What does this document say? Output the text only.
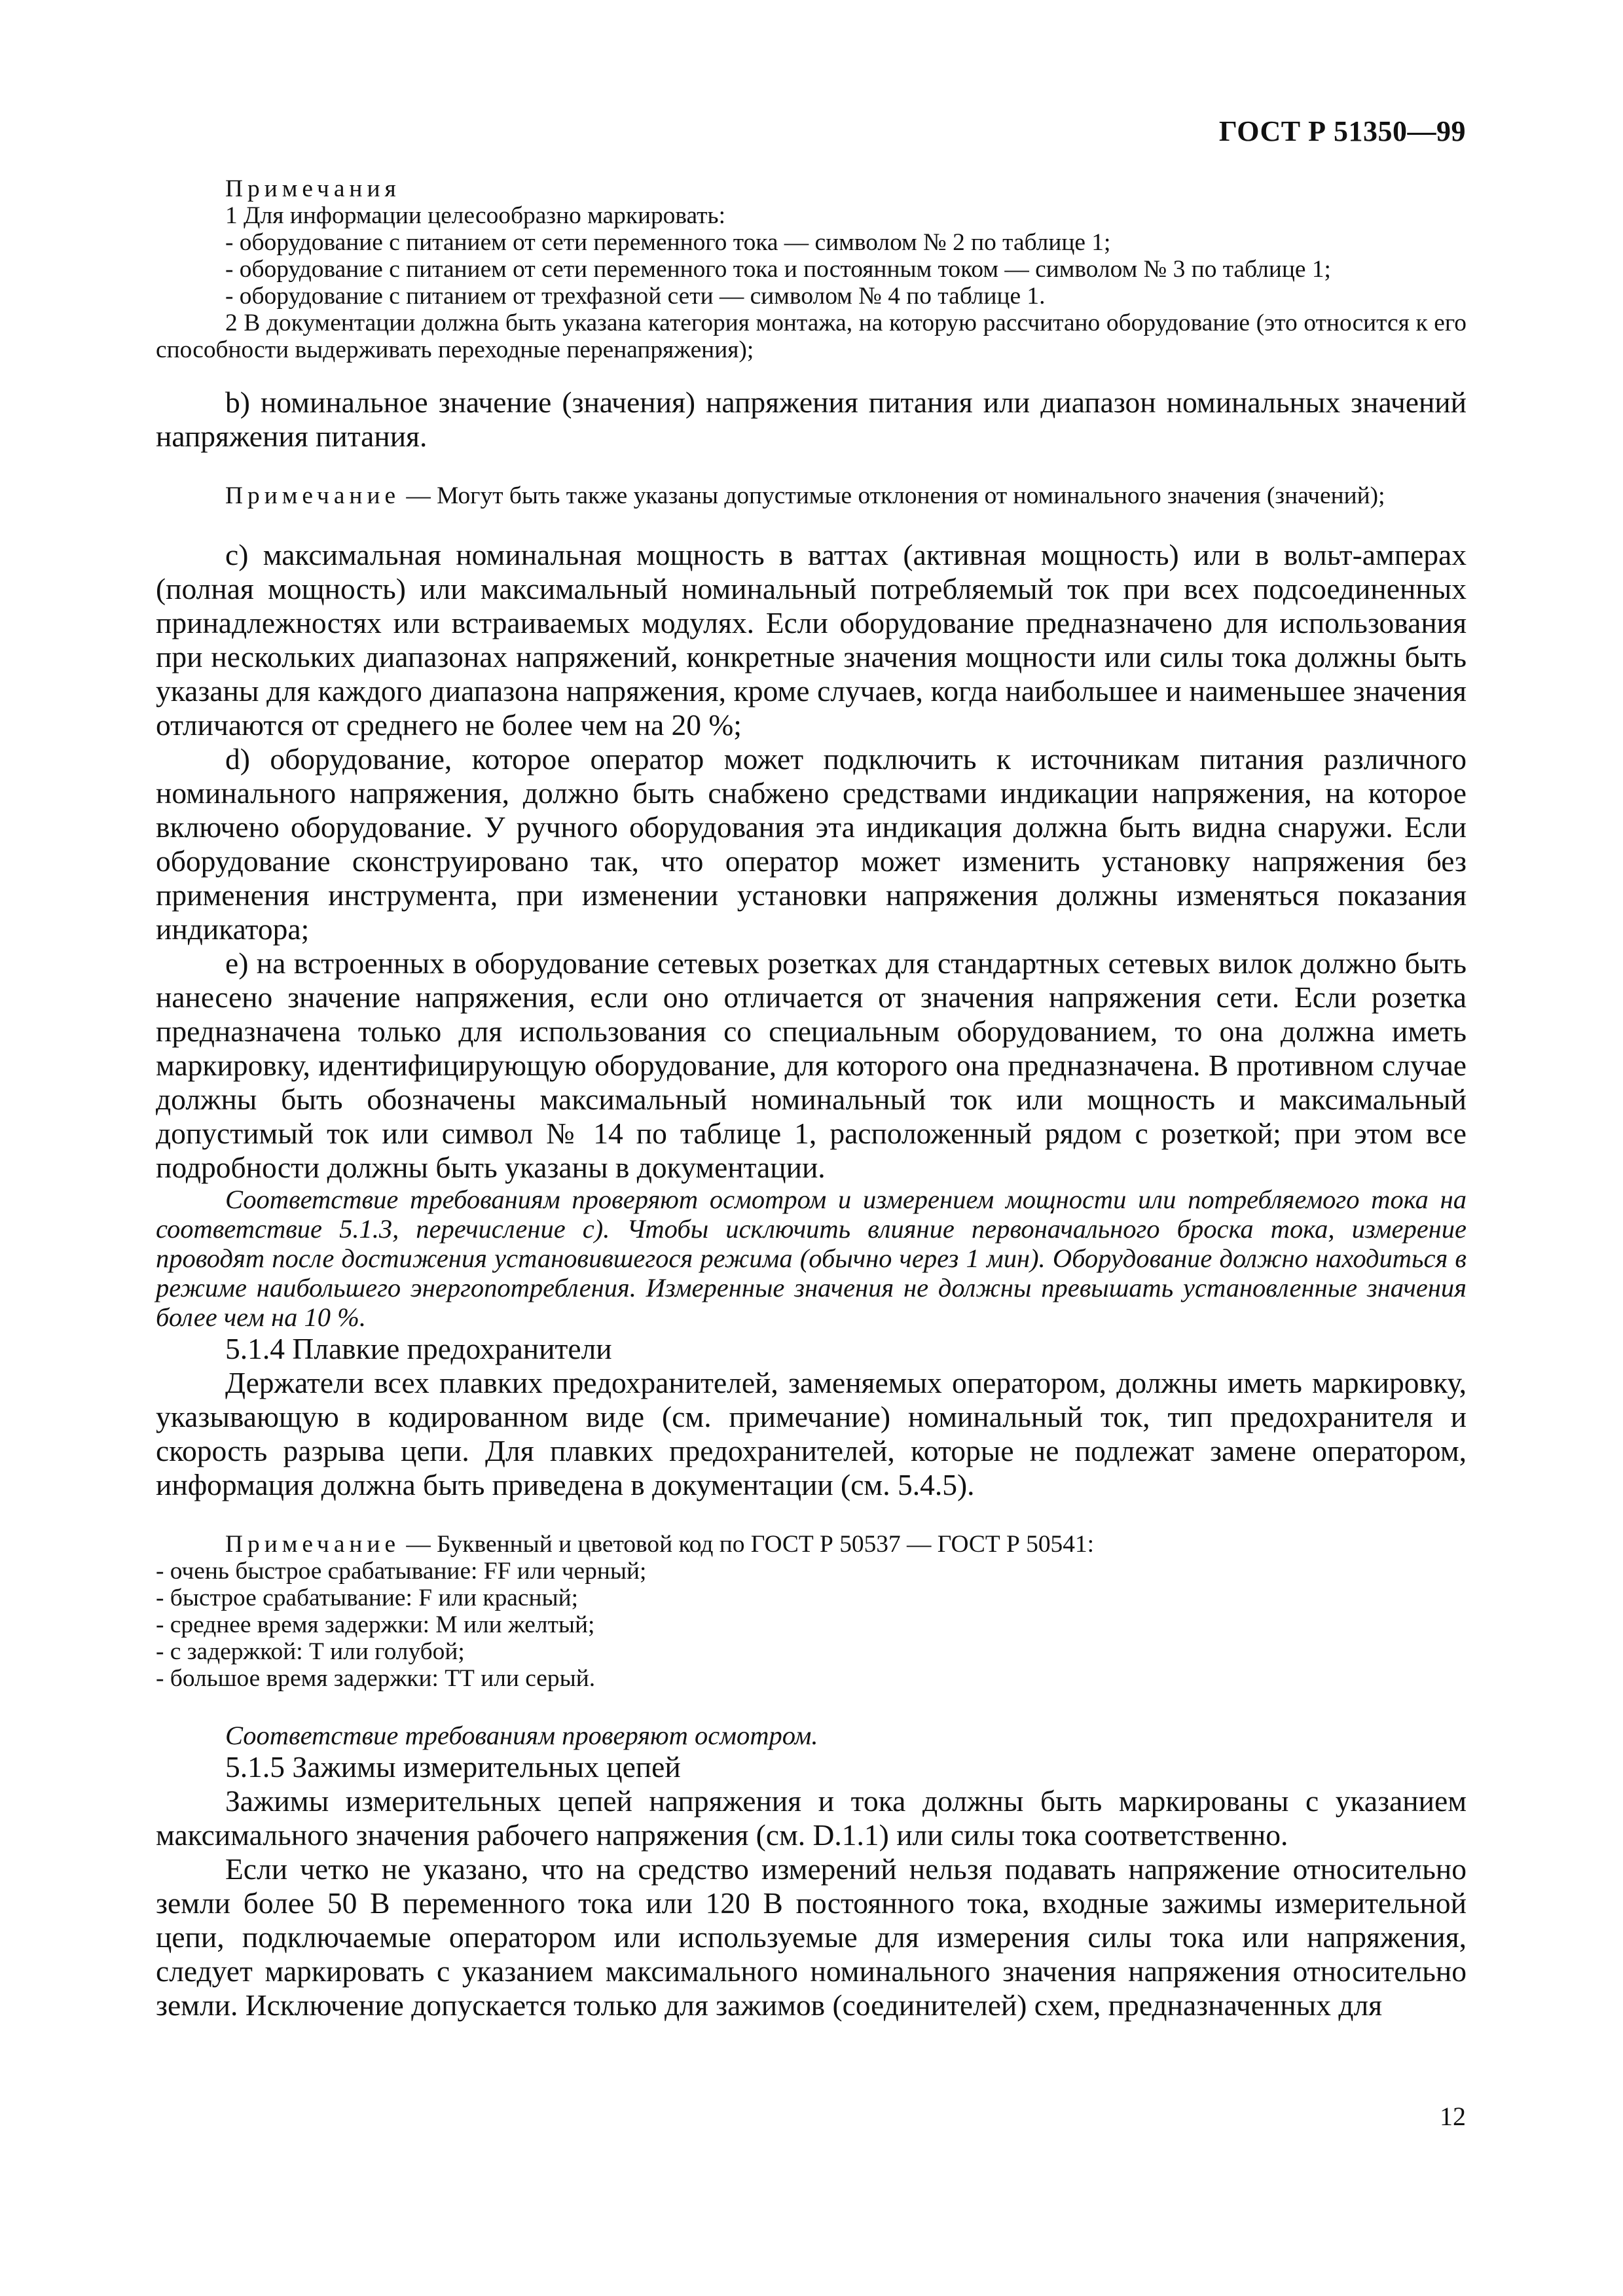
ГОСТ Р 51350—99

Примечания

1 Для информации целесообразно маркировать:

- оборудование с питанием от сети переменного тока — символом № 2 по таблице 1;

- оборудование с питанием от сети переменного тока и постоянным током — символом № 3 по таблице 1;

- оборудование с питанием от трехфазной сети — символом № 4 по таблице 1.

2 В документации должна быть указана категория монтажа, на которую рассчитано оборудование (это относится к его способности выдерживать переходные перенапряжения);

b) номинальное значение (значения) напряжения питания или диапазон номинальных значений напряжения питания.

Примечание — Могут быть также указаны допустимые отклонения от номинального значения (значений);

с) максимальная номинальная мощность в ваттах (активная мощность) или в вольт-амперах (полная мощность) или максимальный номинальный потребляемый ток при всех подсоединенных принадлежностях или встраиваемых модулях. Если оборудование предназначено для использования при нескольких диапазонах напряжений, конкретные значения мощности или силы тока должны быть указаны для каждого диапазона напряжения, кроме случаев, когда наибольшее и наименьшее значения отличаются от среднего не более чем на 20 %;

d) оборудование, которое оператор может подключить к источникам питания различного номинального напряжения, должно быть снабжено средствами индикации напряжения, на которое включено оборудование. У ручного оборудования эта индикация должна быть видна снаружи. Если оборудование сконструировано так, что оператор может изменить установку напряжения без применения инструмента, при изменении установки напряжения должны изменяться показания индикатора;

е) на встроенных в оборудование сетевых розетках для стандартных сетевых вилок должно быть нанесено значение напряжения, если оно отличается от значения напряжения сети. Если розетка предназначена только для использования со специальным оборудованием, то она должна иметь маркировку, идентифицирующую оборудование, для которого она предназначена. В противном случае должны быть обозначены максимальный номинальный ток или мощность и максимальный допустимый ток или символ № 14 по таблице 1, расположенный рядом с розеткой; при этом все подробности должны быть указаны в документации.

Соответствие требованиям проверяют осмотром и измерением мощности или потребляемого тока на соответствие 5.1.3, перечисление с). Чтобы исключить влияние первоначального броска тока, измерение проводят после достижения установившегося режима (обычно через 1 мин). Оборудование должно находиться в режиме наибольшего энергопотребления. Измеренные значения не должны превышать установленные значения более чем на 10 %.

5.1.4 Плавкие предохранители

Держатели всех плавких предохранителей, заменяемых оператором, должны иметь маркировку, указывающую в кодированном виде (см. примечание) номинальный ток, тип предохранителя и скорость разрыва цепи. Для плавких предохранителей, которые не подлежат замене оператором, информация должна быть приведена в документации (см. 5.4.5).

Примечание — Буквенный и цветовой код по ГОСТ Р 50537 — ГОСТ Р 50541:

- очень быстрое срабатывание: FF или черный;

- быстрое срабатывание: F или красный;

- среднее время задержки: М или желтый;

- с задержкой: Т или голубой;

- большое время задержки: ТТ или серый.

Соответствие требованиям проверяют осмотром.

5.1.5 Зажимы измерительных цепей

Зажимы измерительных цепей напряжения и тока должны быть маркированы с указанием максимального значения рабочего напряжения (см. D.1.1) или силы тока соответственно.

Если четко не указано, что на средство измерений нельзя подавать напряжение относительно земли более 50 В переменного тока или 120 В постоянного тока, входные зажимы измерительной цепи, подключаемые оператором или используемые для измерения силы тока или напряжения, следует маркировать с указанием максимального номинального значения напряжения относительно земли. Исключение допускается только для зажимов (соединителей) схем, предназначенных для

12
